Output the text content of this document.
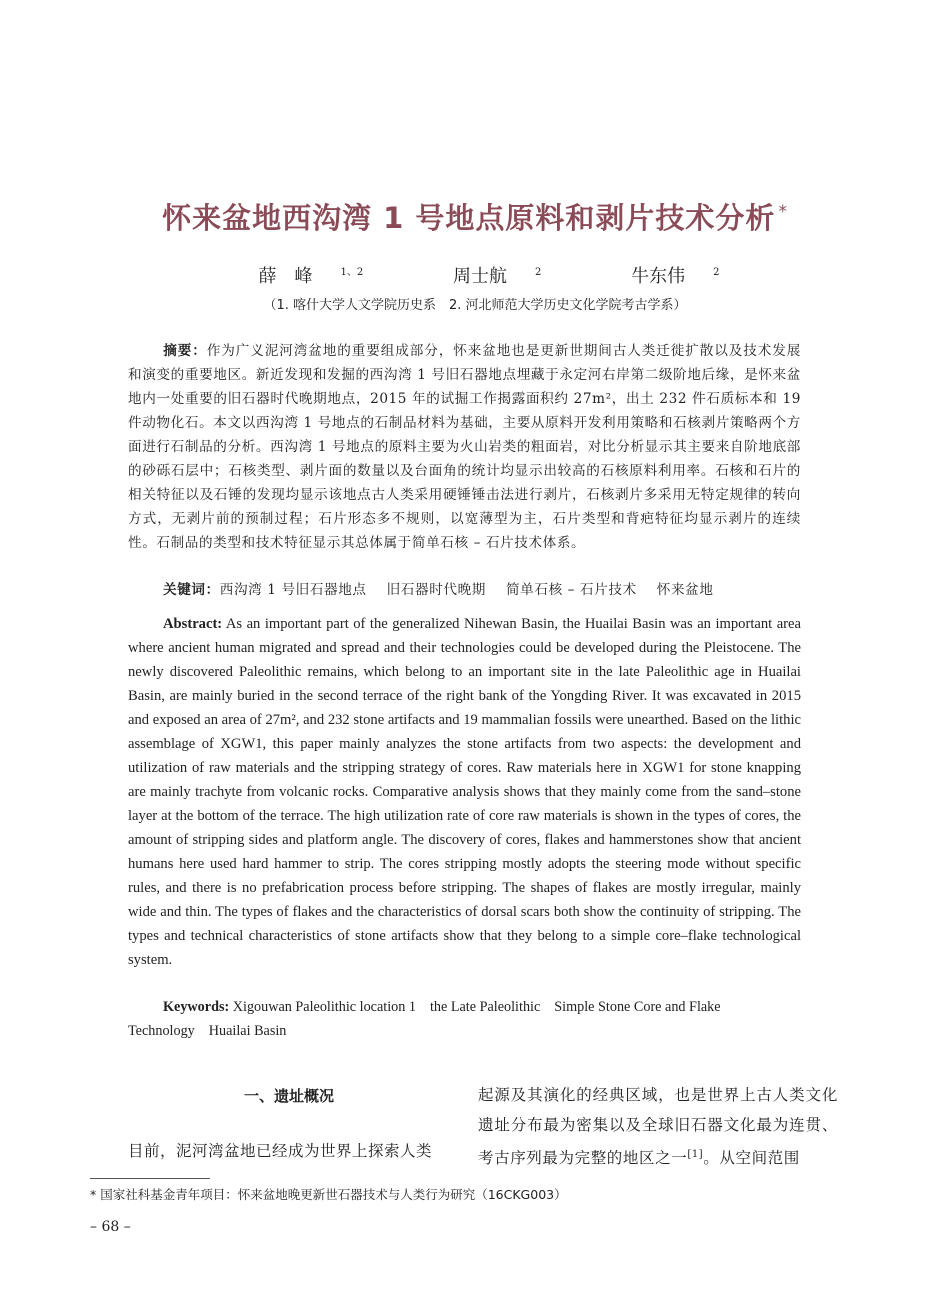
怀来盆地西沟湾 1 号地点原料和剥片技术分析 *
薛　峰	$^{1、2}$	周士航	$^2$	牛东伟	$^2$
（1. 喀什大学人文学院历史系　2. 河北师范大学历史文化学院考古学系）
摘要：作为广义泥河湾盆地的重要组成部分，怀来盆地也是更新世期间古人类迁徙扩散以及技术发展和演变的重要地区。新近发现和发掘的西沟湾 1 号旧石器地点埋藏于永定河右岸第二级阶地后缘，是怀来盆地内一处重要的旧石器时代晚期地点，2015 年的试掘工作揭露面积约 27m²，出土 232 件石质标本和 19 件动物化石。本文以西沟湾 1 号地点的石制品材料为基础，主要从原料开发利用策略和石核剥片策略两个方面进行石制品的分析。西沟湾 1 号地点的原料主要为火山岩类的粗面岩，对比分析显示其主要来自阶地底部的砂砾石层中；石核类型、剥片面的数量以及台面角的统计均显示出较高的石核原料利用率。石核和石片的相关特征以及石锤的发现均显示该地点古人类采用硬锤锤击法进行剥片，石核剥片多采用无特定规律的转向方式，无剥片前的预制过程；石片形态多不规则，以宽薄型为主，石片类型和背疤特征均显示剥片的连续性。石制品的类型和技术特征显示其总体属于简单石核 – 石片技术体系。
关键词：西沟湾 1 号旧石器地点 旧石器时代晚期 简单石核 – 石片技术 怀来盆地
Abstract: As an important part of the generalized Nihewan Basin, the Huailai Basin was an important area where ancient human migrated and spread and their technologies could be developed during the Pleistocene. The newly discovered Paleolithic remains, which belong to an important site in the late Paleolithic age in Huailai Basin, are mainly buried in the second terrace of the right bank of the Yongding River. It was excavated in 2015 and exposed an area of 27m², and 232 stone artifacts and 19 mammalian fossils were unearthed. Based on the lithic assemblage of XGW1, this paper mainly analyzes the stone artifacts from two aspects: the development and utilization of raw materials and the stripping strategy of cores. Raw materials here in XGW1 for stone knapping are mainly trachyte from volcanic rocks. Comparative analysis shows that they mainly come from the sand–stone layer at the bottom of the terrace. The high utilization rate of core raw materials is shown in the types of cores, the amount of stripping sides and platform angle. The discovery of cores, flakes and hammerstones show that ancient humans here used hard hammer to strip. The cores stripping mostly adopts the steering mode without specific rules, and there is no prefabrication process before stripping. The shapes of flakes are mostly irregular, mainly wide and thin. The types of flakes and the characteristics of dorsal scars both show the continuity of stripping. The types and technical characteristics of stone artifacts show that they belong to a simple core–flake technological system.
Keywords: Xigouwan Paleolithic location 1 the Late Paleolithic Simple Stone Core and Flake Technology Huailai Basin
一、遗址概况
目前，泥河湾盆地已经成为世界上探索人类
起源及其演化的经典区域，也是世界上古人类文化遗址分布最为密集以及全球旧石器文化最为连贯、考古序列最为完整的地区之一[1]。从空间范围
* 国家社科基金青年项目：怀来盆地晚更新世石器技术与人类行为研究（16CKG003）
– 68 –
